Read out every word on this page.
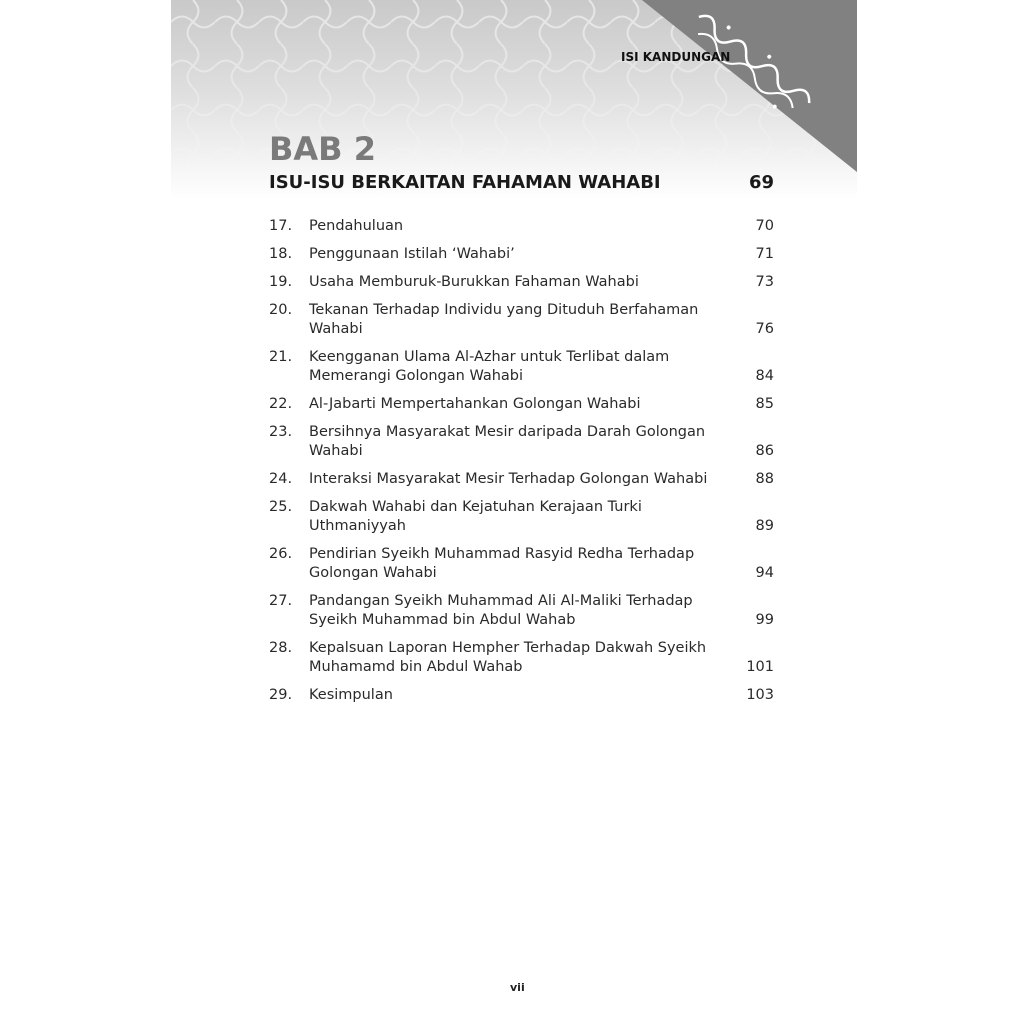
ISI KANDUNGAN
BAB 2
ISU-ISU BERKAITAN FAHAMAN WAHABI	69
17.	Pendahuluan	70
18.	Penggunaan Istilah ‘Wahabi’	71
19.	Usaha Memburuk-Burukkan Fahaman Wahabi	73
20.	Tekanan Terhadap Individu yang Dituduh Berfahaman Wahabi	76
21.	Keengganan Ulama Al-Azhar untuk Terlibat dalam Memerangi Golongan Wahabi	84
22.	Al-Jabarti Mempertahankan Golongan Wahabi	85
23.	Bersihnya Masyarakat Mesir daripada Darah Golongan Wahabi	86
24.	Interaksi Masyarakat Mesir Terhadap Golongan Wahabi	88
25.	Dakwah Wahabi dan Kejatuhan Kerajaan Turki Uthmaniyyah	89
26.	Pendirian Syeikh Muhammad Rasyid Redha Terhadap Golongan Wahabi	94
27.	Pandangan Syeikh Muhammad Ali Al-Maliki Terhadap Syeikh Muhammad bin Abdul Wahab	99
28.	Kepalsuan Laporan Hempher Terhadap Dakwah Syeikh Muhamamd bin Abdul Wahab	101
29.	Kesimpulan	103
vii
